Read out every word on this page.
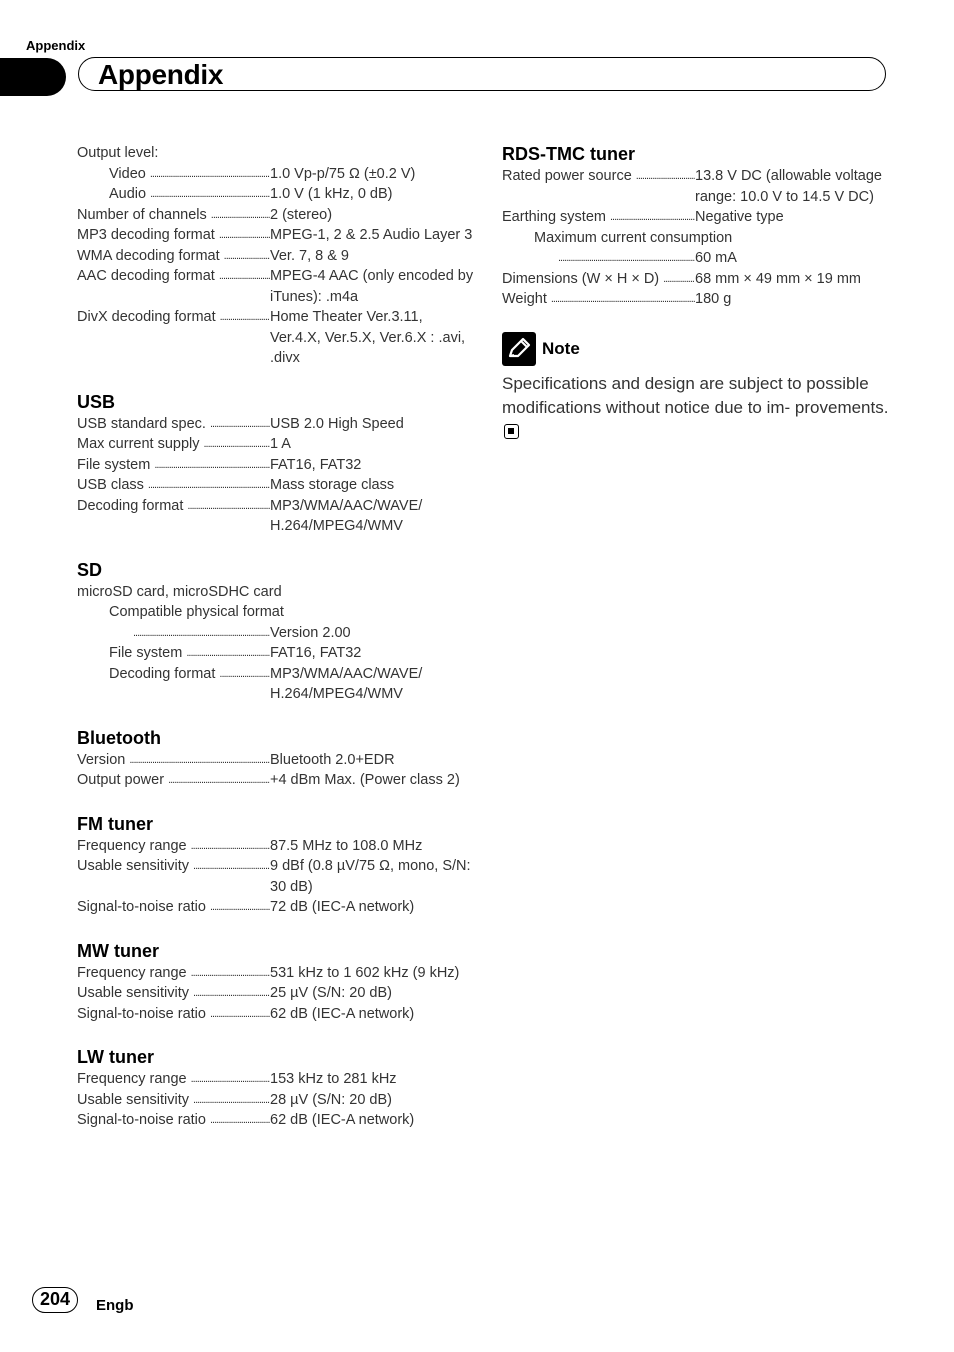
Appendix
Appendix
Output level:
Video .....	1.0 Vp-p/75 Ω (±0.2 V)
Audio .....	1.0 V (1 kHz, 0 dB)
Number of channels .....	2 (stereo)
MP3 decoding format .....	MPEG-1, 2 & 2.5 Audio Layer 3
WMA decoding format .....	Ver. 7, 8 & 9
AAC decoding format .....	MPEG-4 AAC (only encoded by iTunes): .m4a
DivX decoding format .....	Home Theater Ver.3.11, Ver.4.X, Ver.5.X, Ver.6.X : .avi, .divx
USB
USB standard spec. .....	USB 2.0 High Speed
Max current supply .....	1 A
File system .....	FAT16, FAT32
USB class .....	Mass storage class
Decoding format .....	MP3/WMA/AAC/WAVE/ H.264/MPEG4/WMV
SD
microSD card, microSDHC card
Compatible physical format
.....
Version 2.00
File system .....	FAT16, FAT32
Decoding format .....	MP3/WMA/AAC/WAVE/ H.264/MPEG4/WMV
Bluetooth
Version .....	Bluetooth 2.0+EDR
Output power .....	+4 dBm Max. (Power class 2)
FM tuner
Frequency range .....	87.5 MHz to 108.0 MHz
Usable sensitivity .....	9 dBf (0.8 µV/75 Ω, mono, S/N: 30 dB)
Signal-to-noise ratio .....	72 dB (IEC-A network)
MW tuner
Frequency range .....	531 kHz to 1 602 kHz (9 kHz)
Usable sensitivity .....	25 µV (S/N: 20 dB)
Signal-to-noise ratio .....	62 dB (IEC-A network)
LW tuner
Frequency range .....	153 kHz to 281 kHz
Usable sensitivity .....	28 µV (S/N: 20 dB)
Signal-to-noise ratio .....	62 dB (IEC-A network)
RDS-TMC tuner
Rated power source .....	13.8 V DC (allowable voltage range: 10.0 V to 14.5 V DC)
Earthing system .....	Negative type
Maximum current consumption
.....
60 mA
Dimensions (W × H × D) .....	68 mm × 49 mm × 19 mm
Weight .....	180 g
Note
Specifications and design are subject to possible modifications without notice due to im- provements.
204	Engb
